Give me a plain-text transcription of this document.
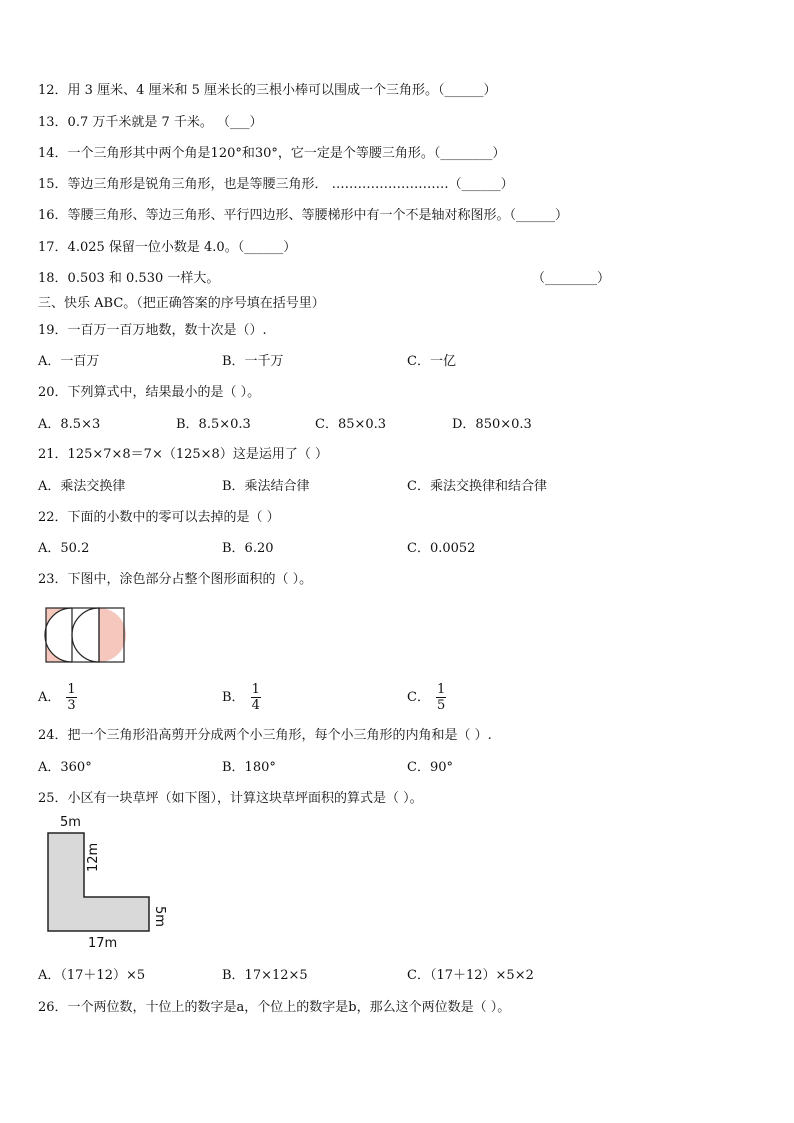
12．用 3 厘米、4 厘米和 5 厘米长的三根小棒可以围成一个三角形。（______）
13．0.7 万千米就是 7 千米。 （___）
14．一个三角形其中两个角是120°和30°，它一定是个等腰三角形。（________）
15．等边三角形是锐角三角形，也是等腰三角形． ………………………（______）
16．等腰三角形、等边三角形、平行四边形、等腰梯形中有一个不是轴对称图形。（______）
17．4.025 保留一位小数是 4.0。（______）
18．0.503 和 0.530 一样大。	（________）
三、快乐 ABC。（把正确答案的序号填在括号里）
19．一百万一百万地数，数十次是（）.
A．一百万	B．一千万	C．一亿
20．下列算式中，结果最小的是（ ）。
A．8.5×3	B．8.5×0.3	C．85×0.3	D．850×0.3
21．125×7×8＝7×（125×8）这是运用了（ ）
A．乘法交换律	B．乘法结合律	C．乘法交换律和结合律
22．下面的小数中的零可以去掉的是（ ）
A．50.2	B．6.20	C．0.0052
23．下图中，涂色部分占整个图形面积的（ ）。
A． $\frac{1}{3}$	B． $\frac{1}{4}$	C． $\frac{1}{5}$
24．把一个三角形沿高剪开分成两个小三角形，每个小三角形的内角和是（ ）.
A．360°	B．180°	C．90°
25．小区有一块草坪（如下图），计算这块草坪面积的算式是（ ）。
5m
12m
5m
17m
A．（17＋12）×5	B．17×12×5	C．（17＋12）×5×2
26．一个两位数，十位上的数字是a，个位上的数字是b，那么这个两位数是（ ）。
